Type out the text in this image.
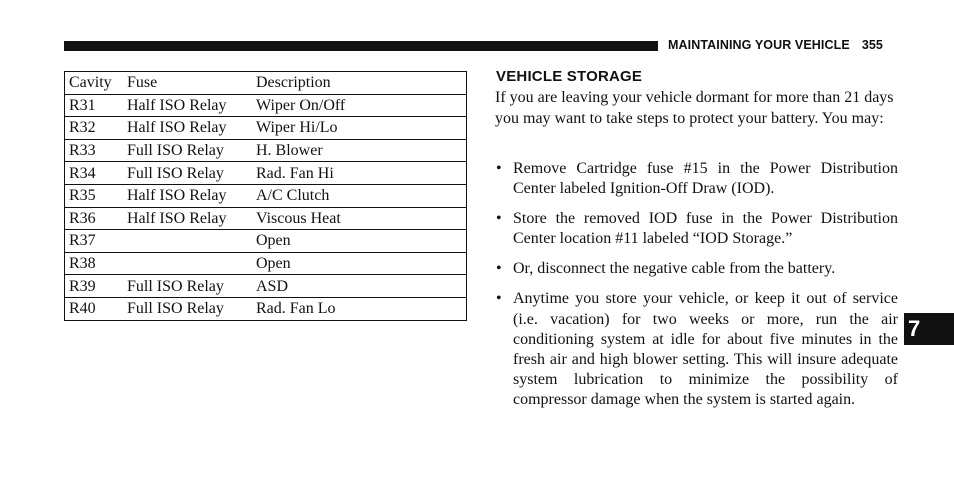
MAINTAINING YOUR VEHICLE 355
Cavity	Fuse	Description
R31	Half ISO Relay	Wiper On/Off
R32	Half ISO Relay	Wiper Hi/Lo
R33	Full ISO Relay	H. Blower
R34	Full ISO Relay	Rad. Fan Hi
R35	Half ISO Relay	A/C Clutch
R36	Half ISO Relay	Viscous Heat
R37		Open
R38		Open
R39	Full ISO Relay	ASD
R40	Full ISO Relay	Rad. Fan Lo
VEHICLE STORAGE

If you are leaving your vehicle dormant for more than 21 days you may want to take steps to protect your battery. You may:

• Remove Cartridge fuse #15 in the Power Distribution Center labeled Ignition-Off Draw (IOD).
• Store the removed IOD fuse in the Power Distribution Center location #11 labeled “IOD Storage.”
• Or, disconnect the negative cable from the battery.
• Anytime you store your vehicle, or keep it out of service (i.e. vacation) for two weeks or more, run the air conditioning system at idle for about five minutes in the fresh air and high blower setting. This will insure adequate system lubrication to minimize the possibility of compressor damage when the system is started again.
7
